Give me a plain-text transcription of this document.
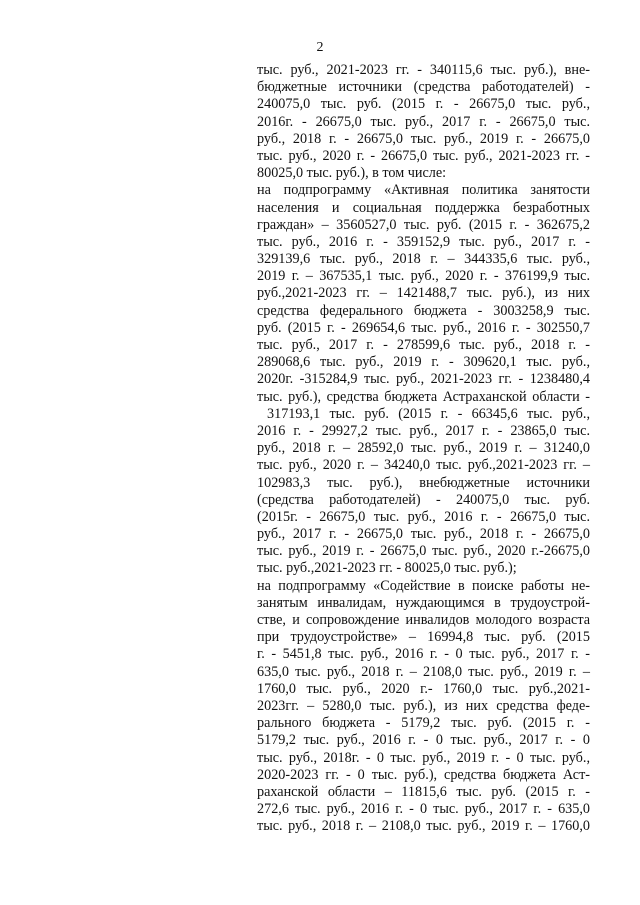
2
тыс. руб., 2021-2023 гг. - 340115,6 тыс. руб.), вне-
бюджетные источники (средства работодателей) -
240075,0 тыс. руб. (2015 г. - 26675,0 тыс. руб.,
2016г. - 26675,0 тыс. руб., 2017 г. - 26675,0 тыс.
руб., 2018 г. - 26675,0 тыс. руб., 2019 г. - 26675,0
тыс. руб., 2020 г. - 26675,0 тыс. руб., 2021-2023 гг. -
80025,0 тыс. руб.), в том числе:
на подпрограмму «Активная политика занятости
населения и социальная поддержка безработных
граждан» – 3560527,0 тыс. руб. (2015 г. - 362675,2
тыс. руб., 2016 г. - 359152,9 тыс. руб., 2017 г. -
329139,6 тыс. руб., 2018 г. – 344335,6 тыс. руб.,
2019 г. – 367535,1 тыс. руб., 2020 г. - 376199,9 тыс.
руб.,2021-2023 гг. – 1421488,7 тыс. руб.), из них
средства федерального бюджета - 3003258,9 тыс.
руб. (2015 г. - 269654,6 тыс. руб., 2016 г. - 302550,7
тыс. руб., 2017 г. - 278599,6 тыс. руб., 2018 г. -
289068,6 тыс. руб., 2019 г. - 309620,1 тыс. руб.,
2020г. -315284,9 тыс. руб., 2021-2023 гг. - 1238480,4
тыс. руб.), средства бюджета Астраханской области -
317193,1 тыс. руб. (2015 г. - 66345,6 тыс. руб.,
2016 г. - 29927,2 тыс. руб., 2017 г. - 23865,0 тыс.
руб., 2018 г. – 28592,0 тыс. руб., 2019 г. – 31240,0
тыс. руб., 2020 г. – 34240,0 тыс. руб.,2021-2023 гг. –
102983,3 тыс. руб.), внебюджетные источники
(средства работодателей) - 240075,0 тыс. руб.
(2015г. - 26675,0 тыс. руб., 2016 г. - 26675,0 тыс.
руб., 2017 г. - 26675,0 тыс. руб., 2018 г. - 26675,0
тыс. руб., 2019 г. - 26675,0 тыс. руб., 2020 г.-26675,0
тыс. руб.,2021-2023 гг. - 80025,0 тыс. руб.);
на подпрограмму «Содействие в поиске работы не-
занятым инвалидам, нуждающимся в трудоустрой-
стве, и сопровождение инвалидов молодого возраста
при трудоустройстве» – 16994,8 тыс. руб. (2015
г. - 5451,8 тыс. руб., 2016 г. - 0 тыс. руб., 2017 г. -
635,0 тыс. руб., 2018 г. – 2108,0 тыс. руб., 2019 г. –
1760,0 тыс. руб., 2020 г.- 1760,0 тыс. руб.,2021-
2023гг. – 5280,0 тыс. руб.), из них средства феде-
рального бюджета - 5179,2 тыс. руб. (2015 г. -
5179,2 тыс. руб., 2016 г. - 0 тыс. руб., 2017 г. - 0
тыс. руб., 2018г. - 0 тыс. руб., 2019 г. - 0 тыс. руб.,
2020-2023 гг. - 0 тыс. руб.), средства бюджета Аст-
раханской области – 11815,6 тыс. руб. (2015 г. -
272,6 тыс. руб., 2016 г. - 0 тыс. руб., 2017 г. - 635,0
тыс. руб., 2018 г. – 2108,0 тыс. руб., 2019 г. – 1760,0
